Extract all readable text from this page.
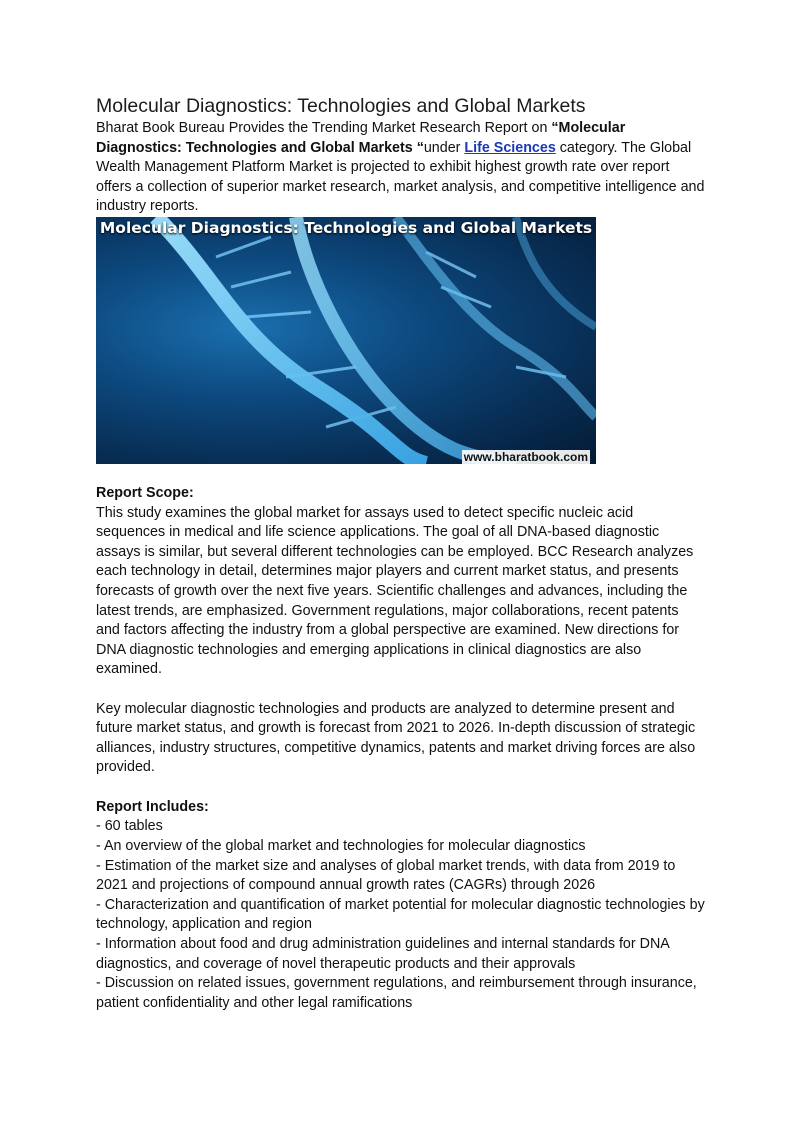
Molecular Diagnostics: Technologies and Global Markets

Bharat Book Bureau Provides the Trending Market Research Report on “Molecular Diagnostics: Technologies and Global Markets “under Life Sciences category. The Global Wealth Management Platform Market is projected to exhibit highest growth rate over report offers a collection of superior market research, market analysis, and competitive intelligence and industry reports.

Molecular Diagnostics: Technologies and Global Markets
www.bharatbook.com

Report Scope:

This study examines the global market for assays used to detect specific nucleic acid sequences in medical and life science applications. The goal of all DNA-based diagnostic assays is similar, but several different technologies can be employed. BCC Research analyzes each technology in detail, determines major players and current market status, and presents forecasts of growth over the next five years. Scientific challenges and advances, including the latest trends, are emphasized. Government regulations, major collaborations, recent patents and factors affecting the industry from a global perspective are examined. New directions for DNA diagnostic technologies and emerging applications in clinical diagnostics are also examined.

Key molecular diagnostic technologies and products are analyzed to determine present and future market status, and growth is forecast from 2021 to 2026. In-depth discussion of strategic alliances, industry structures, competitive dynamics, patents and market driving forces are also provided.

Report Includes:

- 60 tables

- An overview of the global market and technologies for molecular diagnostics

- Estimation of the market size and analyses of global market trends, with data from 2019 to 2021 and projections of compound annual growth rates (CAGRs) through 2026

- Characterization and quantification of market potential for molecular diagnostic technologies by technology, application and region

- Information about food and drug administration guidelines and internal standards for DNA diagnostics, and coverage of novel therapeutic products and their approvals

- Discussion on related issues, government regulations, and reimbursement through insurance, patient confidentiality and other legal ramifications
